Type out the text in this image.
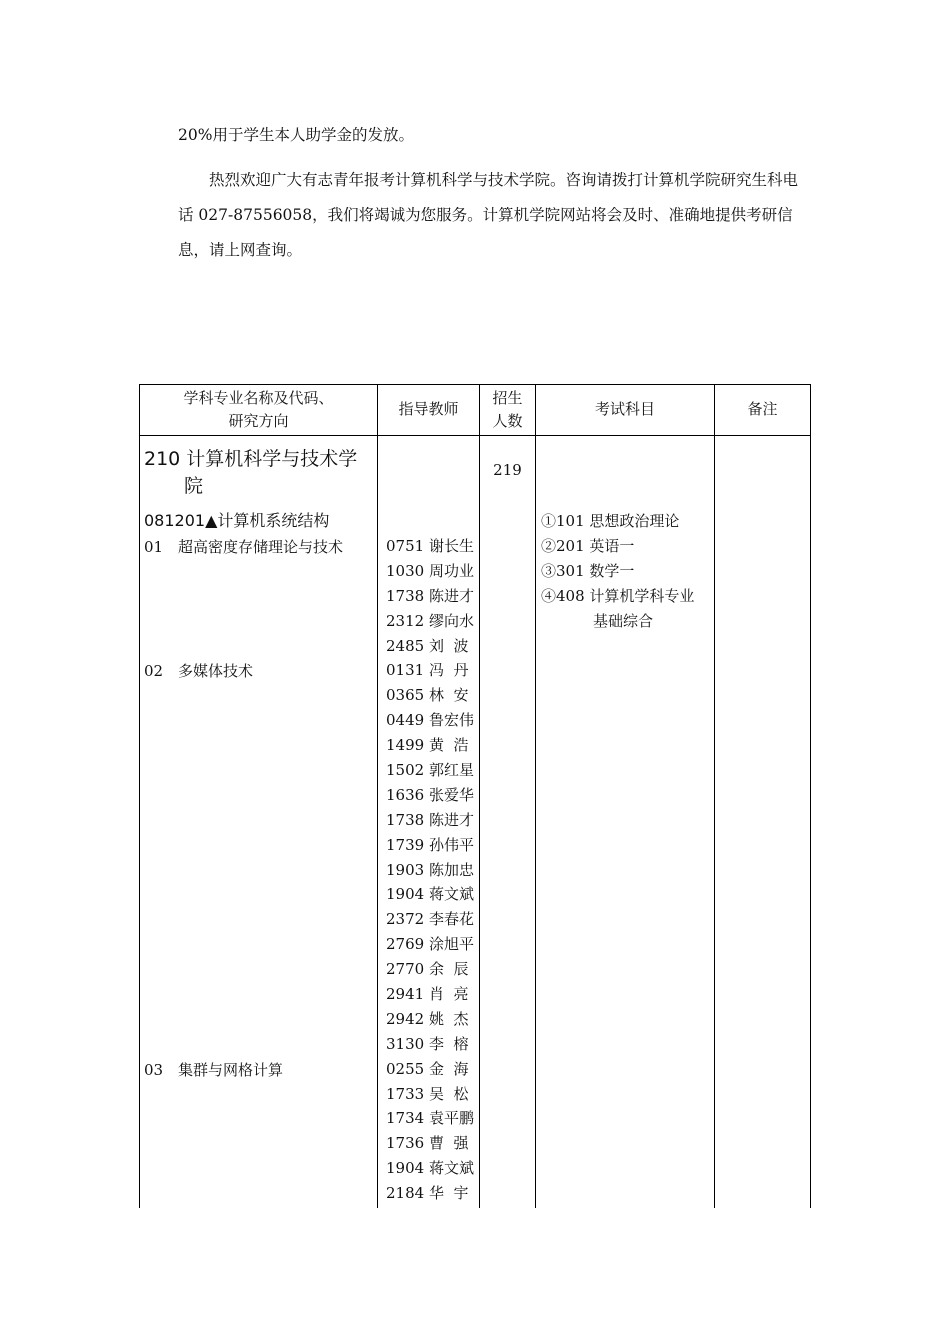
20%用于学生本人助学金的发放。

热烈欢迎广大有志青年报考计算机科学与技术学院。咨询请拨打计算机学院研究生科电话 027-87556058，我们将竭诚为您服务。计算机学院网站将会及时、准确地提供考研信息，请上网查询。

学科专业名称及代码、
研究方向
指导教师
招生
人数
考试科目	备注
210 计算机科学与技术学
院
219
081201▲计算机系统结构
01 超高密度存储理论与技术
02 多媒体技术
03 集群与网格计算
0751 谢长生
1030 周功业
1738 陈进才
2312 缪向水
2485 刘  波
0131 冯  丹
0365 林  安
0449 鲁宏伟
1499 黄  浩
1502 郭红星
1636 张爱华
1738 陈进才
1739 孙伟平
1903 陈加忠
1904 蒋文斌
2372 李春花
2769 涂旭平
2770 余  辰
2941 肖  亮
2942 姚  杰
3130 李  榕
0255 金  海
1733 吴  松
1734 袁平鹏
1736 曹  强
1904 蒋文斌
2184 华  宇
①101 思想政治理论
②201 英语一
③301 数学一
④408 计算机学科专业
基础综合
